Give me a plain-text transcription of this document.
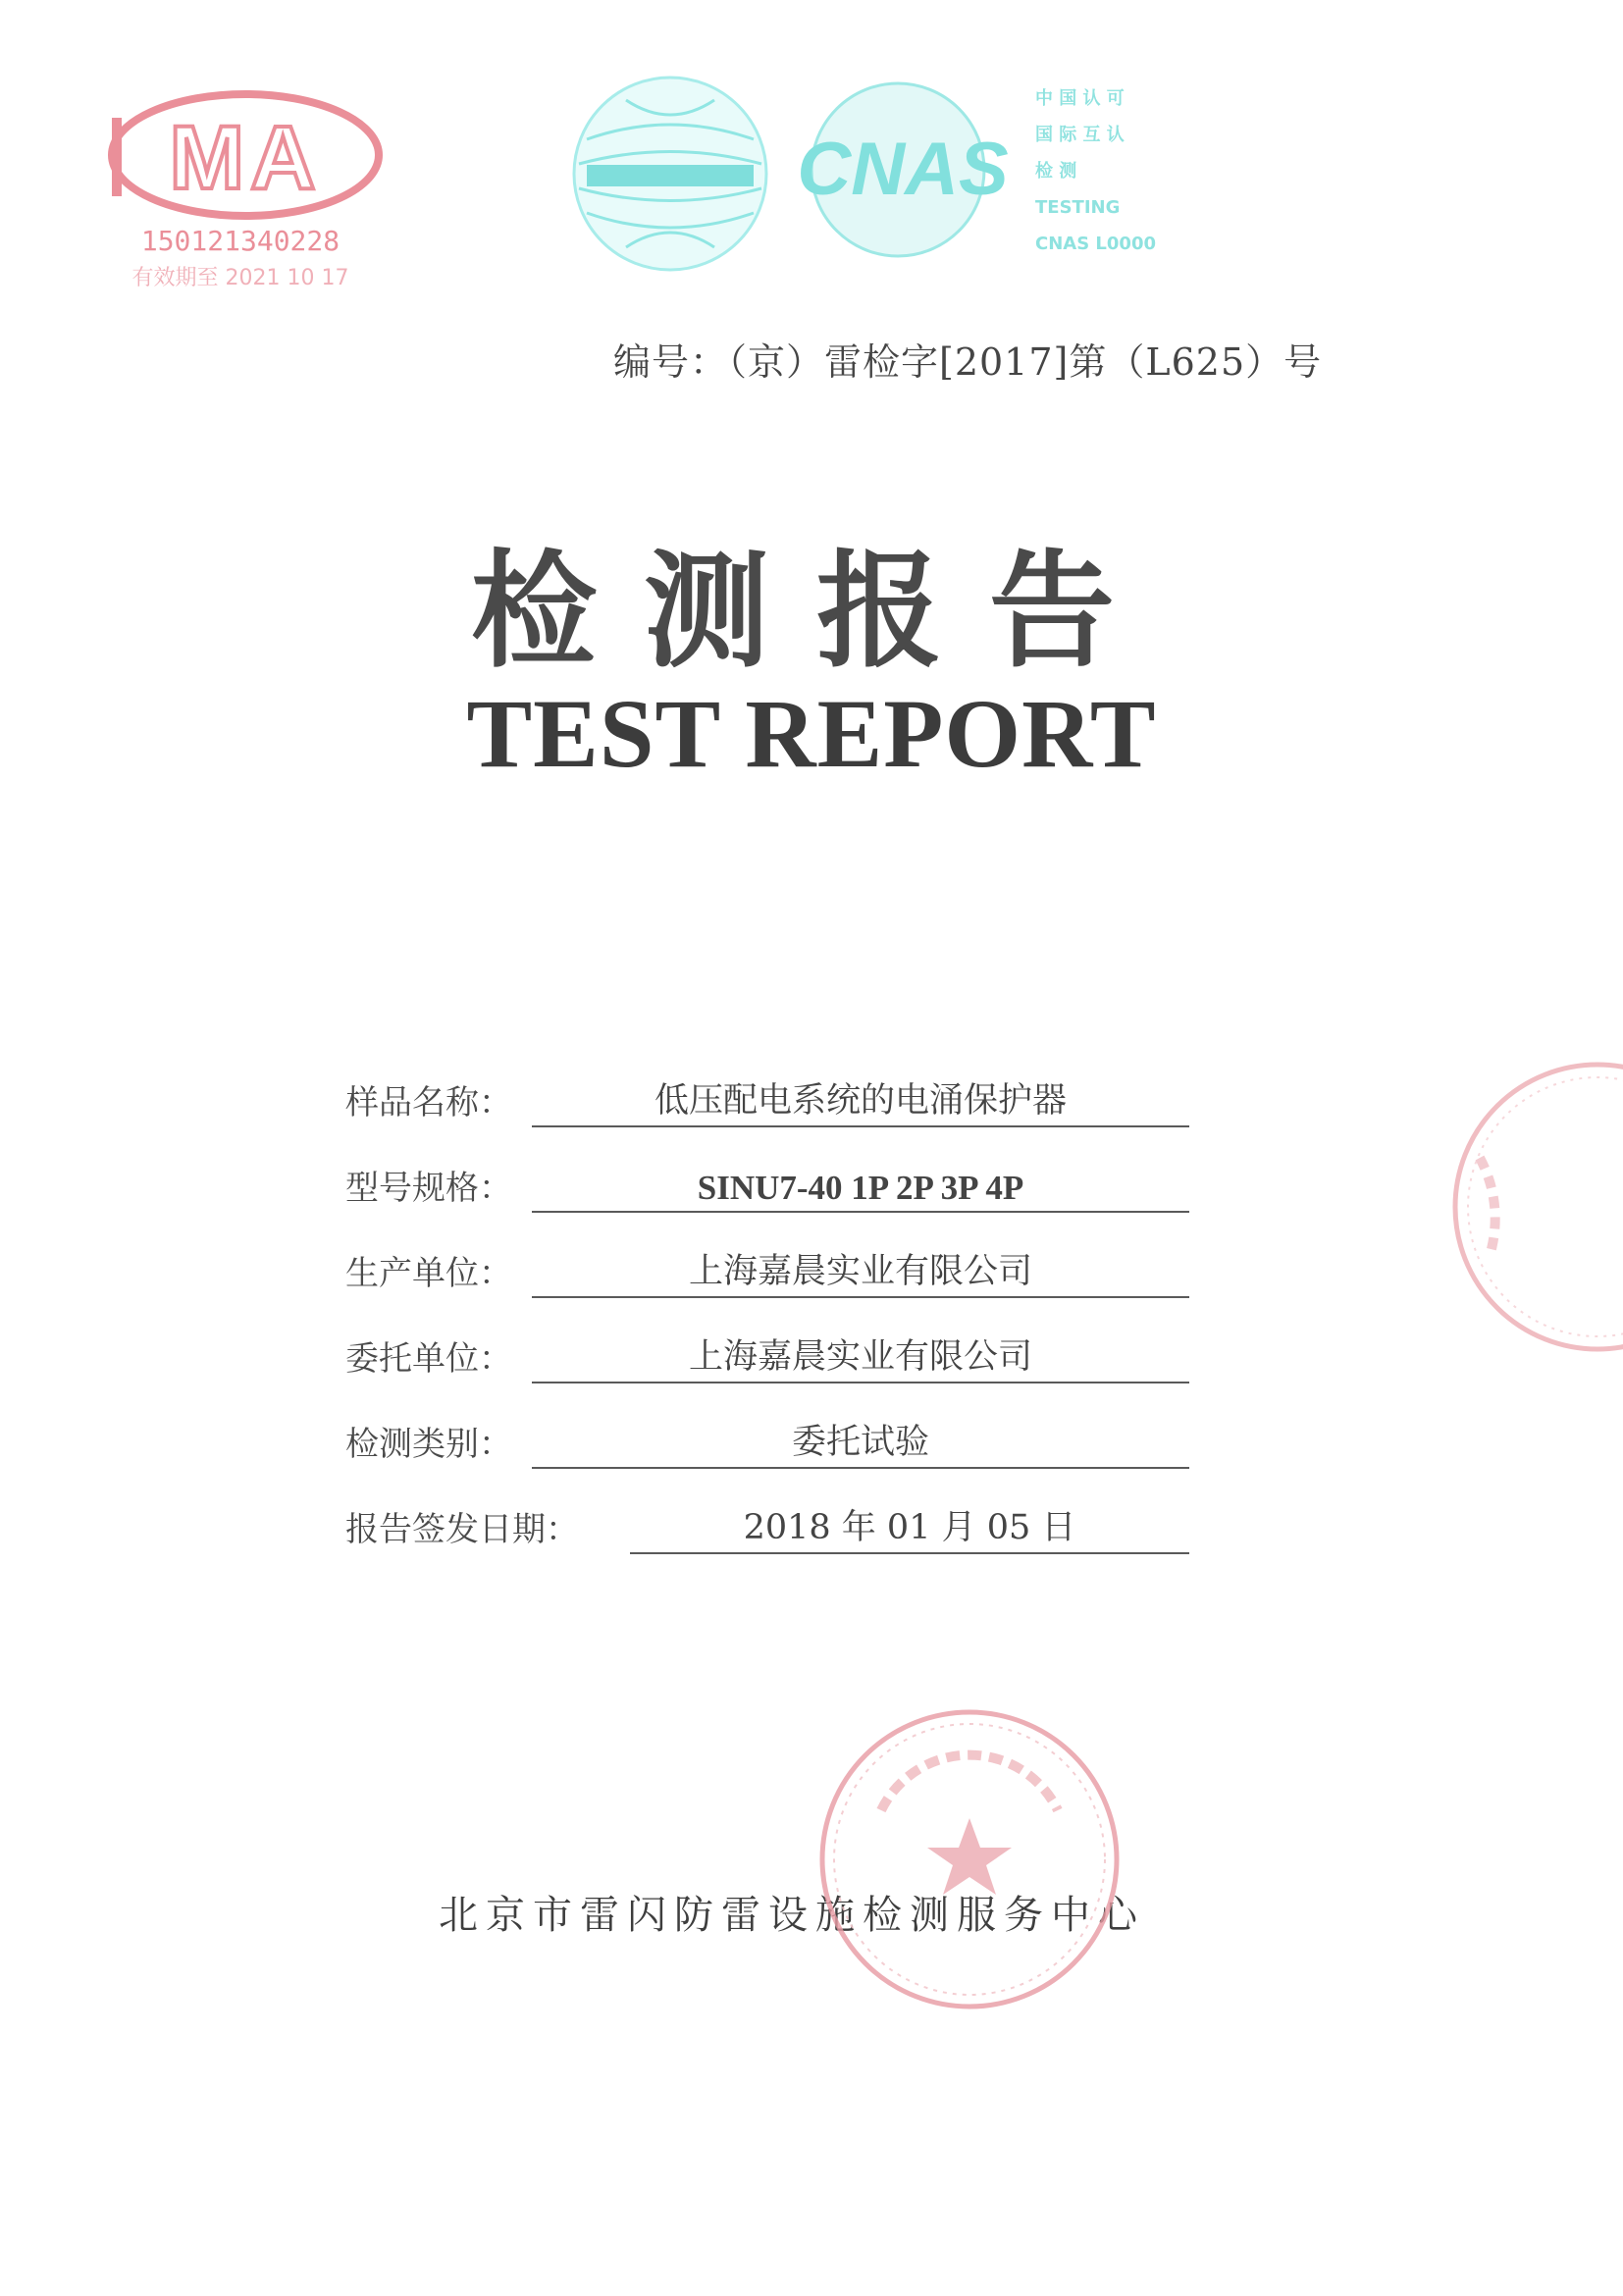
MA
150121340228
有效期至 2021 10 17
CNAS
中 国 认 可
国 际 互 认
检 测
TESTING
CNAS L0000
编号：（京）雷检字[2017]第（L625）号
检测报告
TEST REPORT
样品名称：	低压配电系统的电涌保护器
型号规格：	SINU7-40 1P 2P 3P 4P
生产单位：	上海嘉晨实业有限公司
委托单位：	上海嘉晨实业有限公司
检测类别：	委托试验
报告签发日期：	2018 年 01 月 05 日
北京市雷闪防雷设施检测服务中心
